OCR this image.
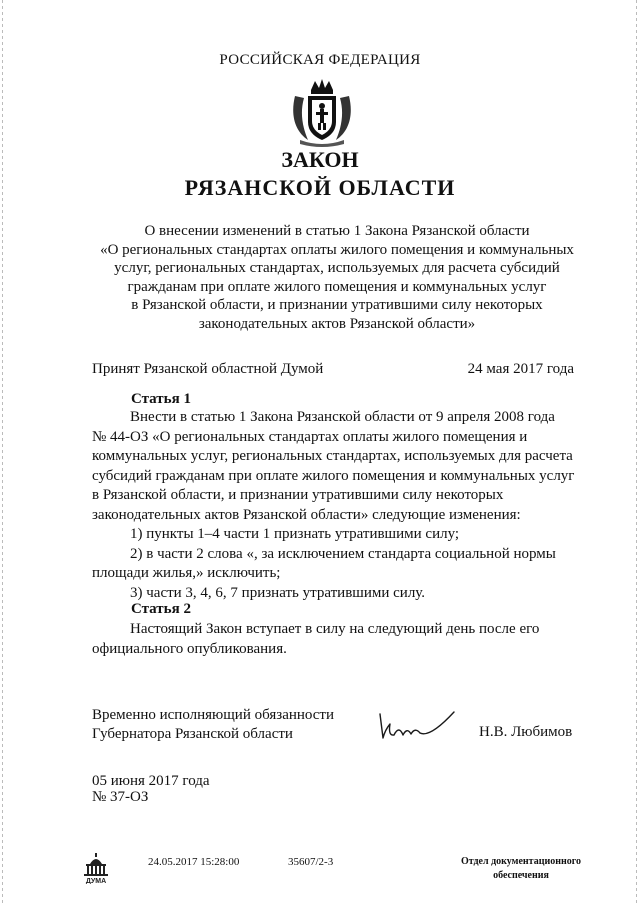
РОССИЙСКАЯ ФЕДЕРАЦИЯ
ЗАКОН
РЯЗАНСКОЙ ОБЛАСТИ
О внесении изменений в статью 1 Закона Рязанской области
«О региональных стандартах оплаты жилого помещения и коммунальных
услуг, региональных стандартах, используемых для расчета субсидий
гражданам при оплате жилого помещения и коммунальных услуг
в Рязанской области, и признании утратившими силу некоторых
законодательных актов Рязанской области»
Принят Рязанской областной Думой	24 мая 2017 года
Статья 1

Внести в статью 1 Закона Рязанской области от 9 апреля 2008 года

№ 44-ОЗ «О региональных стандартах оплаты жилого помещения и

коммунальных услуг, региональных стандартах, используемых для расчета

субсидий гражданам при оплате жилого помещения и коммунальных услуг

в Рязанской области, и признании утратившими силу некоторых

законодательных актов Рязанской области» следующие изменения:

1) пункты 1–4 части 1 признать утратившими силу;

2) в части 2 слова «, за исключением стандарта социальной нормы

площади жилья,» исключить;

3) части 3, 4, 6, 7 признать утратившими силу.

Статья 2

Настоящий Закон вступает в силу на следующий день после его

официального опубликования.

Временно исполняющий обязанности
Губернатора Рязанской области	Н.В. Любимов
05 июня 2017 года
№ 37-ОЗ
ДУМА
24.05.2017 15:28:00	35607/2-3	Отдел документационного
обеспечения
